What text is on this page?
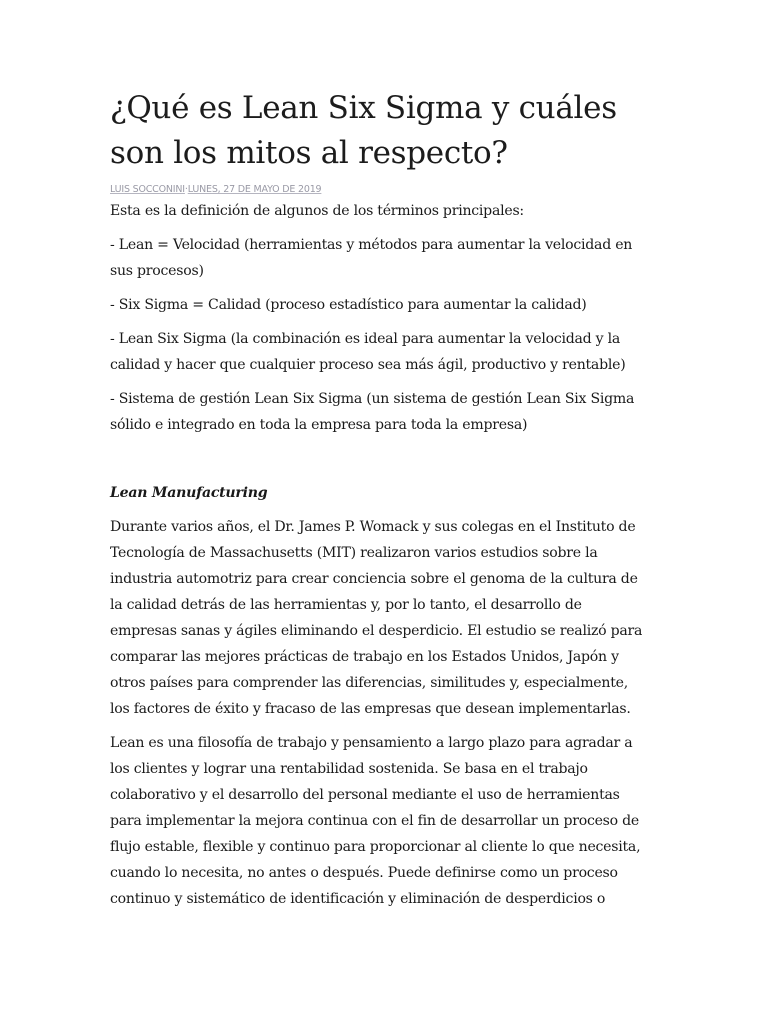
¿Qué es Lean Six Sigma y cuáles
son los mitos al respecto?
LUIS SOCCONINI·LUNES, 27 DE MAYO DE 2019

Esta es la definición de algunos de los términos principales:

- Lean = Velocidad (herramientas y métodos para aumentar la velocidad en
sus procesos)

- Six Sigma = Calidad (proceso estadístico para aumentar la calidad)

- Lean Six Sigma (la combinación es ideal para aumentar la velocidad y la
calidad y hacer que cualquier proceso sea más ágil, productivo y rentable)

- Sistema de gestión Lean Six Sigma (un sistema de gestión Lean Six Sigma
sólido e integrado en toda la empresa para toda la empresa)

Lean Manufacturing

Durante varios años, el Dr. James P. Womack y sus colegas en el Instituto de
Tecnología de Massachusetts (MIT) realizaron varios estudios sobre la
industria automotriz para crear conciencia sobre el genoma de la cultura de
la calidad detrás de las herramientas y, por lo tanto, el desarrollo de
empresas sanas y ágiles eliminando el desperdicio. El estudio se realizó para
comparar las mejores prácticas de trabajo en los Estados Unidos, Japón y
otros países para comprender las diferencias, similitudes y, especialmente,
los factores de éxito y fracaso de las empresas que desean implementarlas.

Lean es una filosofía de trabajo y pensamiento a largo plazo para agradar a
los clientes y lograr una rentabilidad sostenida. Se basa en el trabajo
colaborativo y el desarrollo del personal mediante el uso de herramientas
para implementar la mejora continua con el fin de desarrollar un proceso de
flujo estable, flexible y continuo para proporcionar al cliente lo que necesita,
cuando lo necesita, no antes o después. Puede definirse como un proceso
continuo y sistemático de identificación y eliminación de desperdicios o
